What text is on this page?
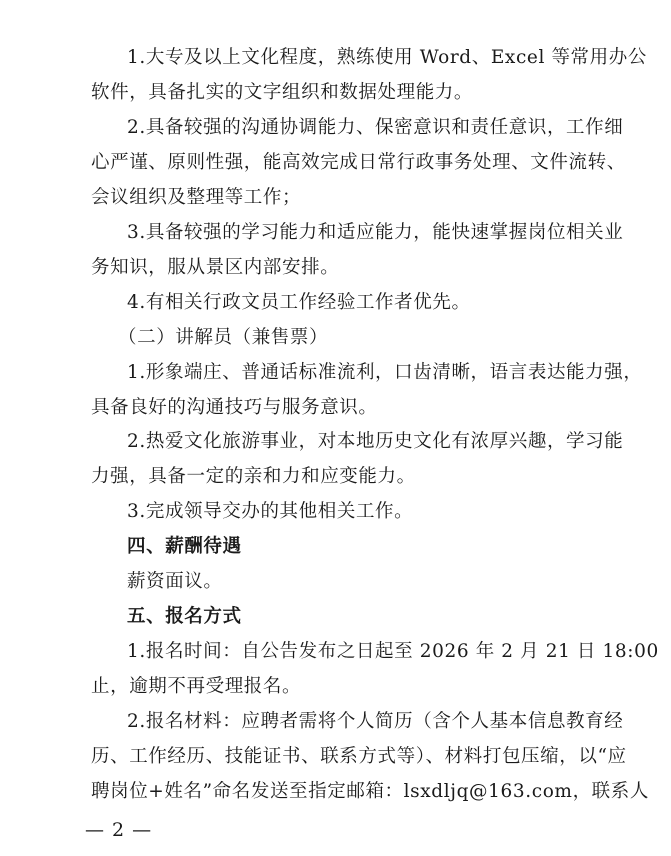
1.大专及以上文化程度，熟练使用 Word、Excel 等常用办公
软件，具备扎实的文字组织和数据处理能力。
2.具备较强的沟通协调能力、保密意识和责任意识，工作细
心严谨、原则性强，能高效完成日常行政事务处理、文件流转、
会议组织及整理等工作；
3.具备较强的学习能力和适应能力，能快速掌握岗位相关业
务知识，服从景区内部安排。
4.有相关行政文员工作经验工作者优先。
（二）讲解员（兼售票）
1.形象端庄、普通话标准流利，口齿清晰，语言表达能力强，
具备良好的沟通技巧与服务意识。
2.热爱文化旅游事业，对本地历史文化有浓厚兴趣，学习能
力强，具备一定的亲和力和应变能力。
3.完成领导交办的其他相关工作。
四、薪酬待遇
薪资面议。
五、报名方式
1.报名时间：自公告发布之日起至 2026 年 2 月 21 日 18:00
止，逾期不再受理报名。
— 2 —
2.报名材料：应聘者需将个人简历（含个人基本信息教育经
历、工作经历、技能证书、联系方式等）、材料打包压缩，以“应
聘岗位+姓名”命名发送至指定邮箱：lsxdljq@163.com，联系人
